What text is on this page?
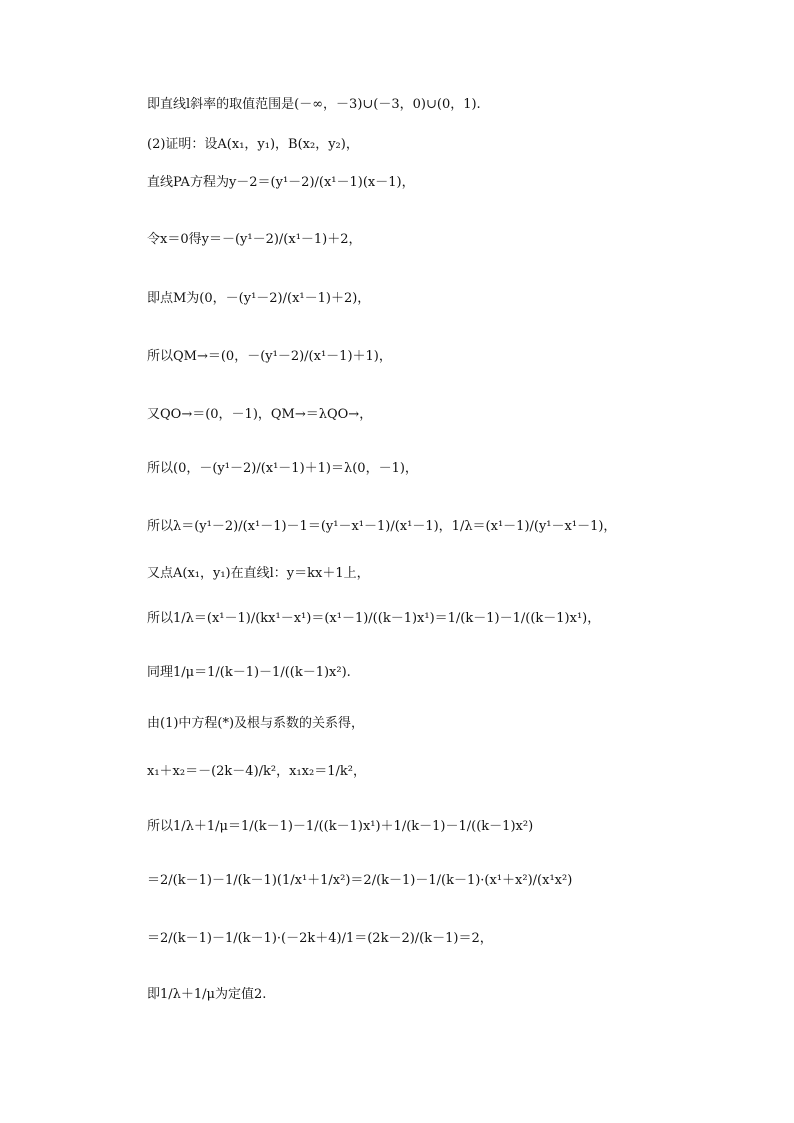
即直线l斜率的取值范围是(－∞，－3)∪(－3，0)∪(0，1).
(2)证明：设A(x₁，y₁)，B(x₂，y₂)，
直线PA方程为y－2＝(y¹－2)/(x¹－1)(x－1)，
令x＝0得y＝－(y¹－2)/(x¹－1)＋2，
即点M为(0，－(y¹－2)/(x¹－1)＋2)，
所以QM→＝(0，－(y¹－2)/(x¹－1)＋1)，
又QO→＝(0，－1)，QM→＝λQO→，
所以(0，－(y¹－2)/(x¹－1)＋1)＝λ(0，－1)，
所以λ＝(y¹－2)/(x¹－1)－1＝(y¹－x¹－1)/(x¹－1)，1/λ＝(x¹－1)/(y¹－x¹－1)，
又点A(x₁，y₁)在直线l：y＝kx＋1上，
所以1/λ＝(x¹－1)/(kx¹－x¹)＝(x¹－1)/((k－1)x¹)＝1/(k－1)－1/((k－1)x¹)，
同理1/μ＝1/(k－1)－1/((k－1)x²).
由(1)中方程(*)及根与系数的关系得，
x₁＋x₂＝－(2k－4)/k²，x₁x₂＝1/k²，
所以1/λ＋1/μ＝1/(k－1)－1/((k－1)x¹)＋1/(k－1)－1/((k－1)x²)
＝2/(k－1)－1/(k－1)(1/x¹＋1/x²)＝2/(k－1)－1/(k－1)·(x¹＋x²)/(x¹x²)
＝2/(k－1)－1/(k－1)·(－2k＋4)/1＝(2k－2)/(k－1)＝2，
即1/λ＋1/μ为定值2.
